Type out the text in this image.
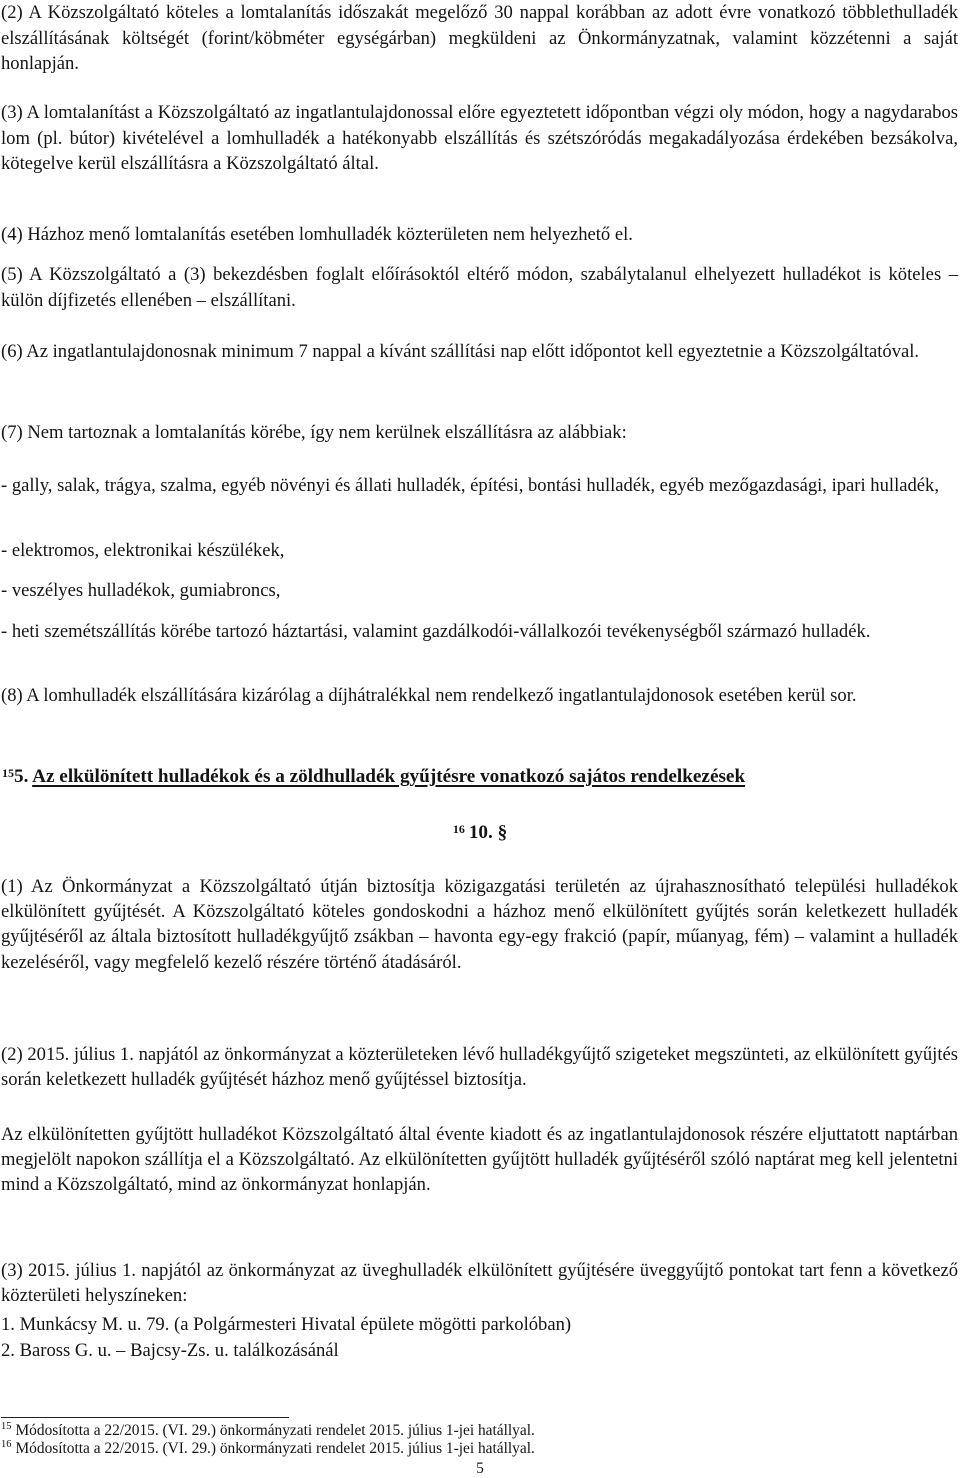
(2) A Közszolgáltató köteles a lomtalanítás időszakát megelőző 30 nappal korábban az adott évre vonatkozó többlethulladék elszállításának költségét (forint/köbméter egységárban) megküldeni az Önkormányzatnak, valamint közzétenni a saját honlapján.

(3) A lomtalanítást a Közszolgáltató az ingatlantulajdonossal előre egyeztetett időpontban végzi oly módon, hogy a nagydarabos lom (pl. bútor) kivételével a lomhulladék a hatékonyabb elszállítás és szétszóródás megakadályozása érdekében bezsákolva, kötegelve kerül elszállításra a Közszolgáltató által.

(4) Házhoz menő lomtalanítás esetében lomhulladék közterületen nem helyezhető el.

(5) A Közszolgáltató a (3) bekezdésben foglalt előírásoktól eltérő módon, szabálytalanul elhelyezett hulladékot is köteles – külön díjfizetés ellenében – elszállítani.

(6) Az ingatlantulajdonosnak minimum 7 nappal a kívánt szállítási nap előtt időpontot kell egyeztetnie a Közszolgáltatóval.

(7) Nem tartoznak a lomtalanítás körébe, így nem kerülnek elszállításra az alábbiak:

- gally, salak, trágya, szalma, egyéb növényi és állati hulladék, építési, bontási hulladék, egyéb mezőgazdasági, ipari hulladék,

- elektromos, elektronikai készülékek,

- veszélyes hulladékok, gumiabroncs,

- heti szemétszállítás körébe tartozó háztartási, valamint gazdálkodói-vállalkozói tevékenységből származó hulladék.

(8) A lomhulladék elszállítására kizárólag a díjhátralékkal nem rendelkező ingatlantulajdonosok esetében kerül sor.

$^{15}$5. Az elkülönített hulladékok és a zöldhulladék gyűjtésre vonatkozó sajátos rendelkezések

$^{16}$ 10. §

(1) Az Önkormányzat a Közszolgáltató útján biztosítja közigazgatási területén az újrahasznosítható települési hulladékok elkülönített gyűjtését. A Közszolgáltató köteles gondoskodni a házhoz menő elkülönített gyűjtés során keletkezett hulladék gyűjtéséről az általa biztosított hulladékgyűjtő zsákban – havonta egy-egy frakció (papír, műanyag, fém) – valamint a hulladék kezeléséről, vagy megfelelő kezelő részére történő átadásáról.

(2) 2015. július 1. napjától az önkormányzat a közterületeken lévő hulladékgyűjtő szigeteket megszünteti, az elkülönített gyűjtés során keletkezett hulladék gyűjtését házhoz menő gyűjtéssel biztosítja.

Az elkülönítetten gyűjtött hulladékot Közszolgáltató által évente kiadott és az ingatlantulajdonosok részére eljuttatott naptárban megjelölt napokon szállítja el a Közszolgáltató. Az elkülönítetten gyűjtött hulladék gyűjtéséről szóló naptárat meg kell jelentetni mind a Közszolgáltató, mind az önkormányzat honlapján.

(3) 2015. július 1. napjától az önkormányzat az üveghulladék elkülönített gyűjtésére üveggyűjtő pontokat tart fenn a következő közterületi helyszíneken:

1. Munkácsy M. u. 79. (a Polgármesteri Hivatal épülete mögötti parkolóban)

2. Baross G. u. – Bajcsy-Zs. u. találkozásánál

$^{15}$ Módosította a 22/2015. (VI. 29.) önkormányzati rendelet 2015. július 1-jei hatállyal.

$^{16}$ Módosította a 22/2015. (VI. 29.) önkormányzati rendelet 2015. július 1-jei hatállyal.

5
